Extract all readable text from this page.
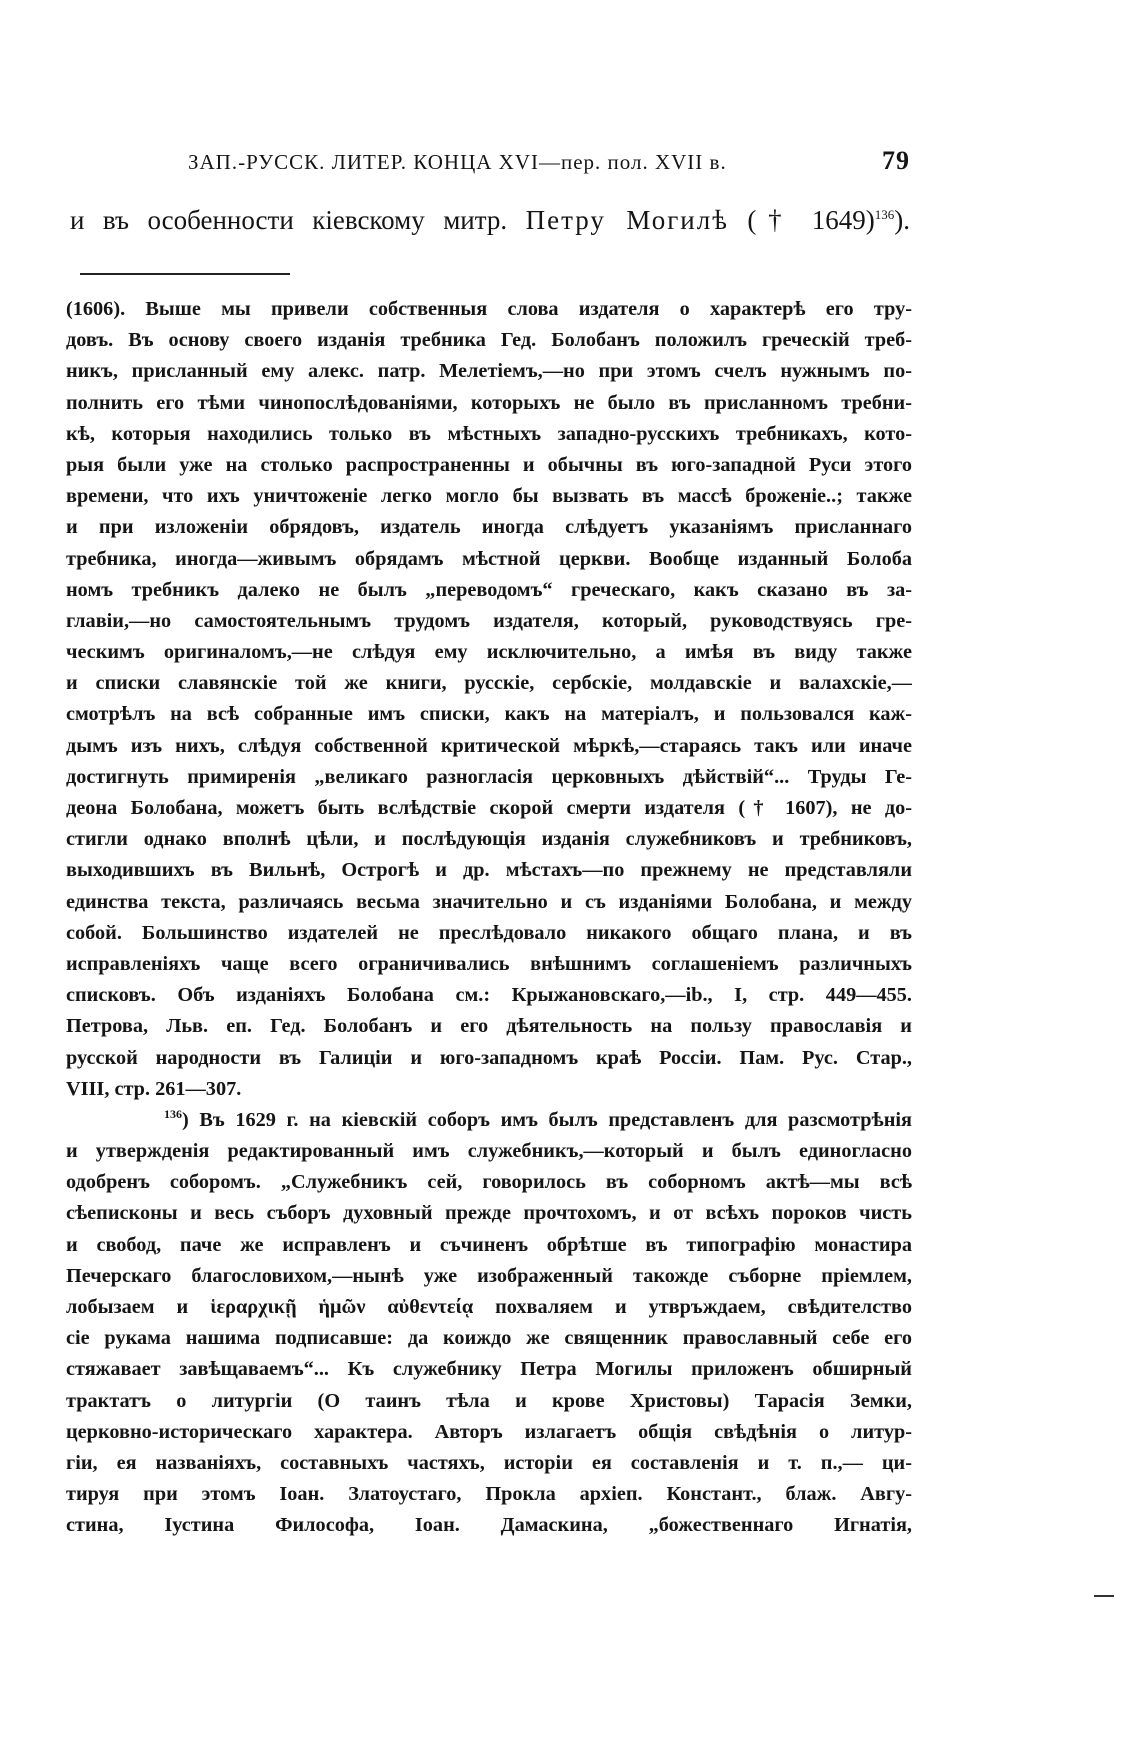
ЗАП.-РУССК. ЛИТЕР. КОНЦА XVI—пер. пол. XVII в.	79
и въ особенности кіевскому митр. Петру Могилѣ († 1649)$^{136}$).
(1606). Выше мы привели собственныя слова издателя о характерѣ его тру-
довъ. Въ основу своего изданія требника Гед. Болобанъ положилъ греческій треб-
никъ, присланный ему алекс. патр. Мелетіемъ,—но при этомъ счелъ нужнымъ по-
полнить его тѣми чинопослѣдованіями, которыхъ не было въ присланномъ требни-
кѣ, которыя находились только въ мѣстныхъ западно-русскихъ требникахъ, кото-
рыя были уже на столько распространенны и обычны въ юго-западной Руси этого
времени, что ихъ уничтоженіе легко могло бы вызвать въ массѣ броженіе..; также
и при изложеніи обрядовъ, издатель иногда слѣдуетъ указаніямъ присланнаго
требника, иногда—живымъ обрядамъ мѣстной церкви. Вообще изданный Болоба
номъ требникъ далеко не былъ „переводомъ“ греческаго, какъ сказано въ за-
главіи,—но самостоятельнымъ трудомъ издателя, который, руководствуясь гре-
ческимъ оригиналомъ,—не слѣдуя ему исключительно, а имѣя въ виду также
и списки славянскіе той же книги, русскіе, сербскіе, молдавскіе и валахскіе,—
смотрѣлъ на всѣ собранные имъ списки, какъ на матеріалъ, и пользовался каж-
дымъ изъ нихъ, слѣдуя собственной критической мѣркѣ,—стараясь такъ или иначе
достигнуть примиренія „великаго разногласія церковныхъ дѣйствій“... Труды Ге-
деона Болобана, можетъ быть вслѣдствіе скорой смерти издателя († 1607), не до-
стигли однако вполнѣ цѣли, и послѣдующія изданія служебниковъ и требниковъ,
выходившихъ въ Вильнѣ, Острогѣ и др. мѣстахъ—по прежнему не представляли
единства текста, различаясь весьма значительно и съ изданіями Болобана, и между
собой. Большинство издателей не преслѣдовало никакого общаго плана, и въ
исправленіяхъ чаще всего ограничивались внѣшнимъ соглашеніемъ различныхъ
списковъ. Объ изданіяхъ Болобана см.: Крыжановскаго,—ib., I, стр. 449—455.
Петрова, Льв. еп. Гед. Болобанъ и его дѣятельность на пользу православія и
русской народности въ Галиціи и юго-западномъ краѣ Россіи. Пам. Рус. Стар.,
VIII, стр. 261—307.
$^{136}$) Въ 1629 г. на кіевскій соборъ имъ былъ представленъ для разсмотрѣнія
и утвержденія редактированный имъ служебникъ,—который и былъ единогласно
одобренъ соборомъ. „Служебникъ сей, говорилось въ соборномъ актѣ—мы всѣ
сѣеписконы и весь съборъ духовный прежде прочтохомъ, и от всѣхъ пороков чисть
и свобод, паче же исправленъ и съчиненъ обрѣтше въ типографію монастира
Печерскаго благословихом,—нынѣ уже изображенный такожде съборне пріемлем,
лобызаем и ἱεραρχικῇ ἡμῶν αὐθεντείᾳ похваляем и утвръждаем, свѣдителство
сіе рукама нашима подписавше: да коиждо же священник православный себе его
стяжавает завѣщаваемъ“... Къ служебнику Петра Могилы приложенъ обширный
трактатъ о литургіи (О таинъ тѣла и крове Христовы) Тарасія Земки,
церковно-историческаго характера. Авторъ излагаетъ общія свѣдѣнія о литур-
гіи, ея названіяхъ, составныхъ частяхъ, исторіи ея составленія и т. п.,— ци-
тируя при этомъ Іоан. Златоустаго, Прокла архіеп. Констант., блаж. Авгу-
стина, Іустина Философа, Іоан. Дамаскина, „божественнаго Игнатія,
